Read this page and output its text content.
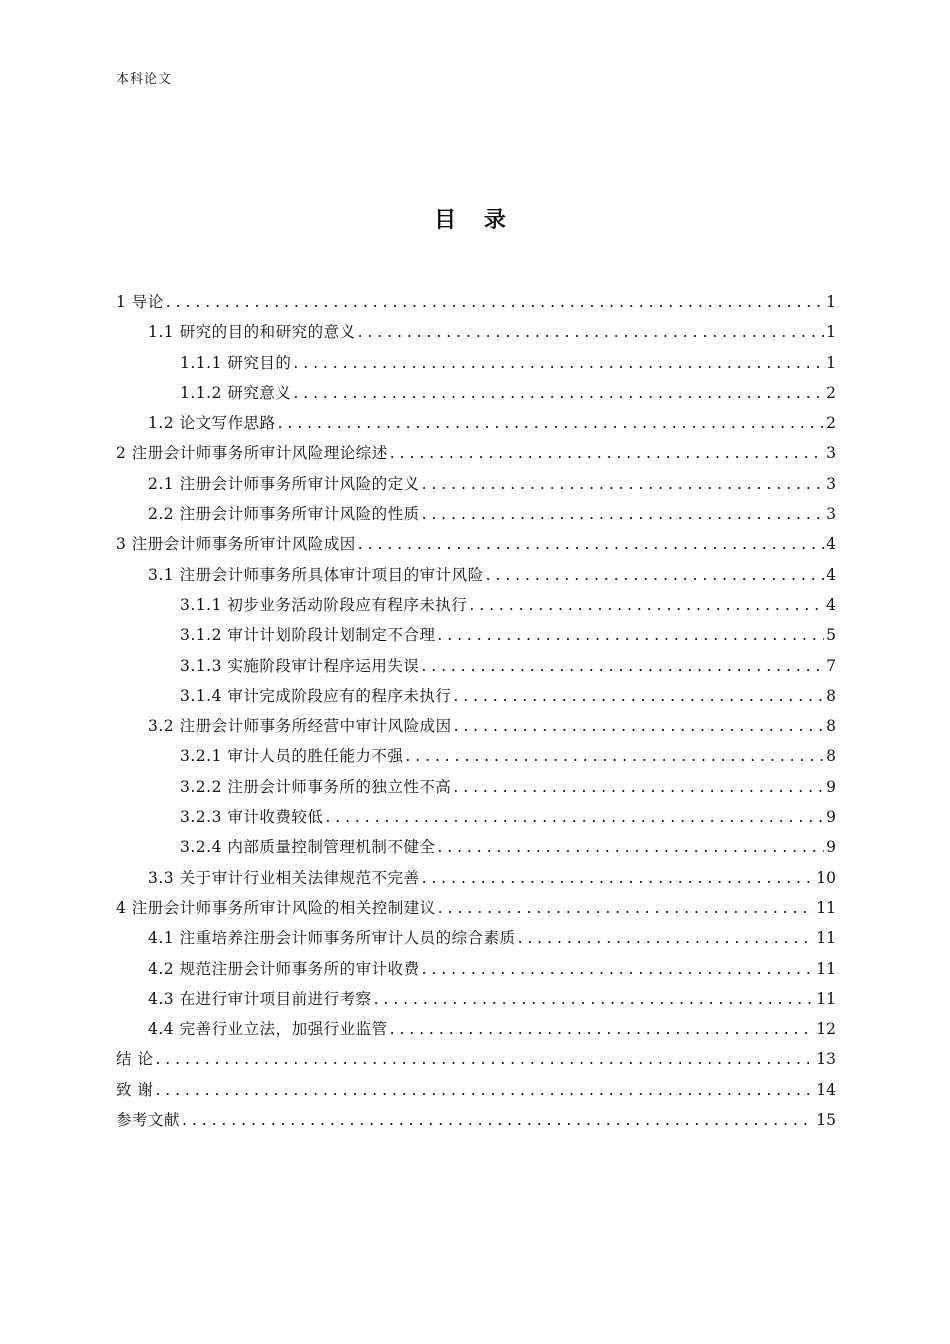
本科论文
目 录
1 导论 . . .	1
1.1 研究的目的和研究的意义 . . .	1
1.1.1 研究目的 . . .	1
1.1.2 研究意义 . . .	2
1.2 论文写作思路 . . .	2
2 注册会计师事务所审计风险理论综述 . . .	3
2.1 注册会计师事务所审计风险的定义 . . .	3
2.2 注册会计师事务所审计风险的性质 . . .	3
3 注册会计师事务所审计风险成因 . . .	4
3.1 注册会计师事务所具体审计项目的审计风险 . . .	4
3.1.1 初步业务活动阶段应有程序未执行 . . .	4
3.1.2 审计计划阶段计划制定不合理 . . .	5
3.1.3 实施阶段审计程序运用失误 . . .	7
3.1.4 审计完成阶段应有的程序未执行 . . .	8
3.2 注册会计师事务所经营中审计风险成因 . . .	8
3.2.1 审计人员的胜任能力不强 . . .	8
3.2.2 注册会计师事务所的独立性不高 . . .	9
3.2.3 审计收费较低 . . .	9
3.2.4 内部质量控制管理机制不健全 . . .	9
3.3 关于审计行业相关法律规范不完善 . . .	10
4 注册会计师事务所审计风险的相关控制建议 . . .	11
4.1 注重培养注册会计师事务所审计人员的综合素质 . . .	11
4.2 规范注册会计师事务所的审计收费 . . .	11
4.3 在进行审计项目前进行考察 . . .	11
4.4 完善行业立法，加强行业监管 . . .	12
结 论 . . .	13
致 谢 . . .	14
参考文献 . . .	15
